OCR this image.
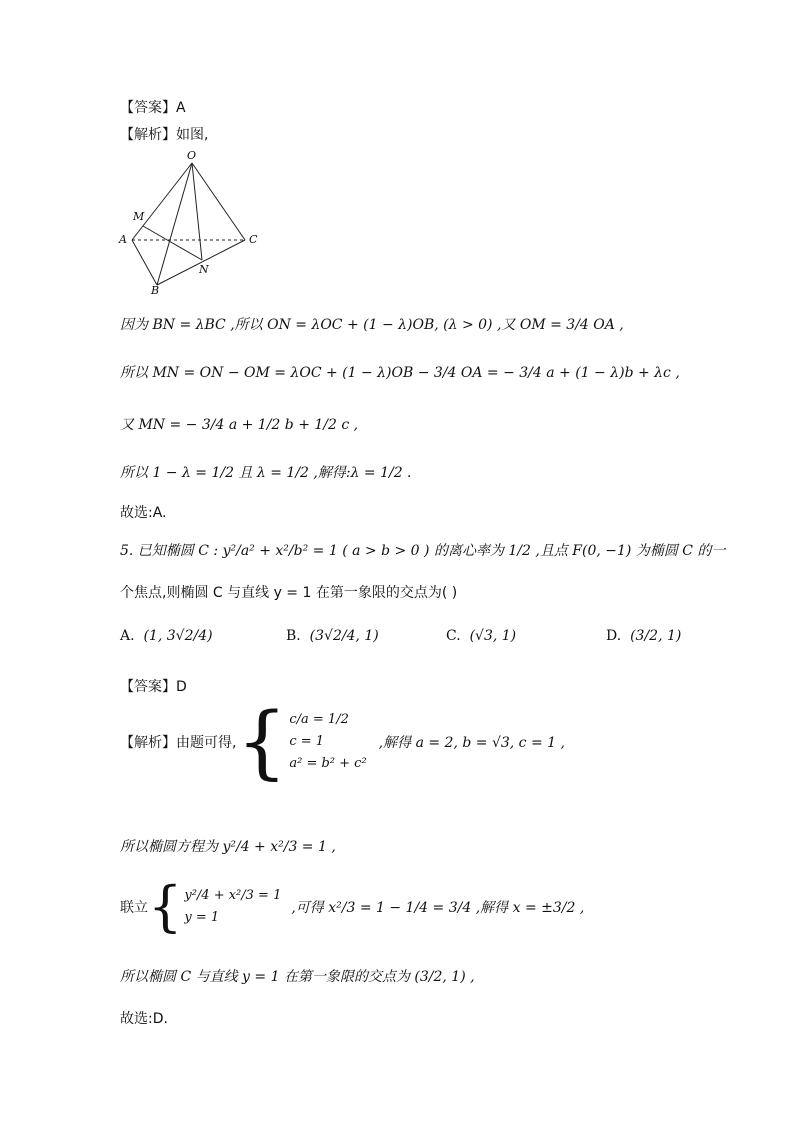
【答案】A
【解析】如图,
O
M
A	C
N
B
因为 BN = λBC ,所以 ON = λOC + (1 − λ)OB, (λ > 0) ,又 OM = 3/4 OA ,
所以 MN = ON − OM = λOC + (1 − λ)OB − 3/4 OA = − 3/4 a + (1 − λ)b + λc ,
又 MN = − 3/4 a + 1/2 b + 1/2 c ,
所以 1 − λ = 1/2 且 λ = 1/2 ,解得:λ = 1/2 .
故选:A.
5. 已知椭圆 C : y²/a² + x²/b² = 1 ( a > b > 0 ) 的离心率为 1/2 ,且点 F(0, −1) 为椭圆 C 的一
个焦点,则椭圆 C 与直线 y = 1 在第一象限的交点为( )
A.
(1, 3√2/4)	B.
(3√2/4, 1)	C.
(√3, 1)	D.
(3/2, 1)
【答案】D
【解析】由题可得, { c/a = 1/2
c = 1
a² = b² + c²
,解得 a = 2, b = √3, c = 1 ,
所以椭圆方程为 y²/4 + x²/3 = 1 ,
联立 { y²/4 + x²/3 = 1
y = 1
,可得 x²/3 = 1 − 1/4 = 3/4 ,解得 x = ±3/2 ,
所以椭圆 C 与直线 y = 1 在第一象限的交点为 (3/2, 1) ,
故选:D.
